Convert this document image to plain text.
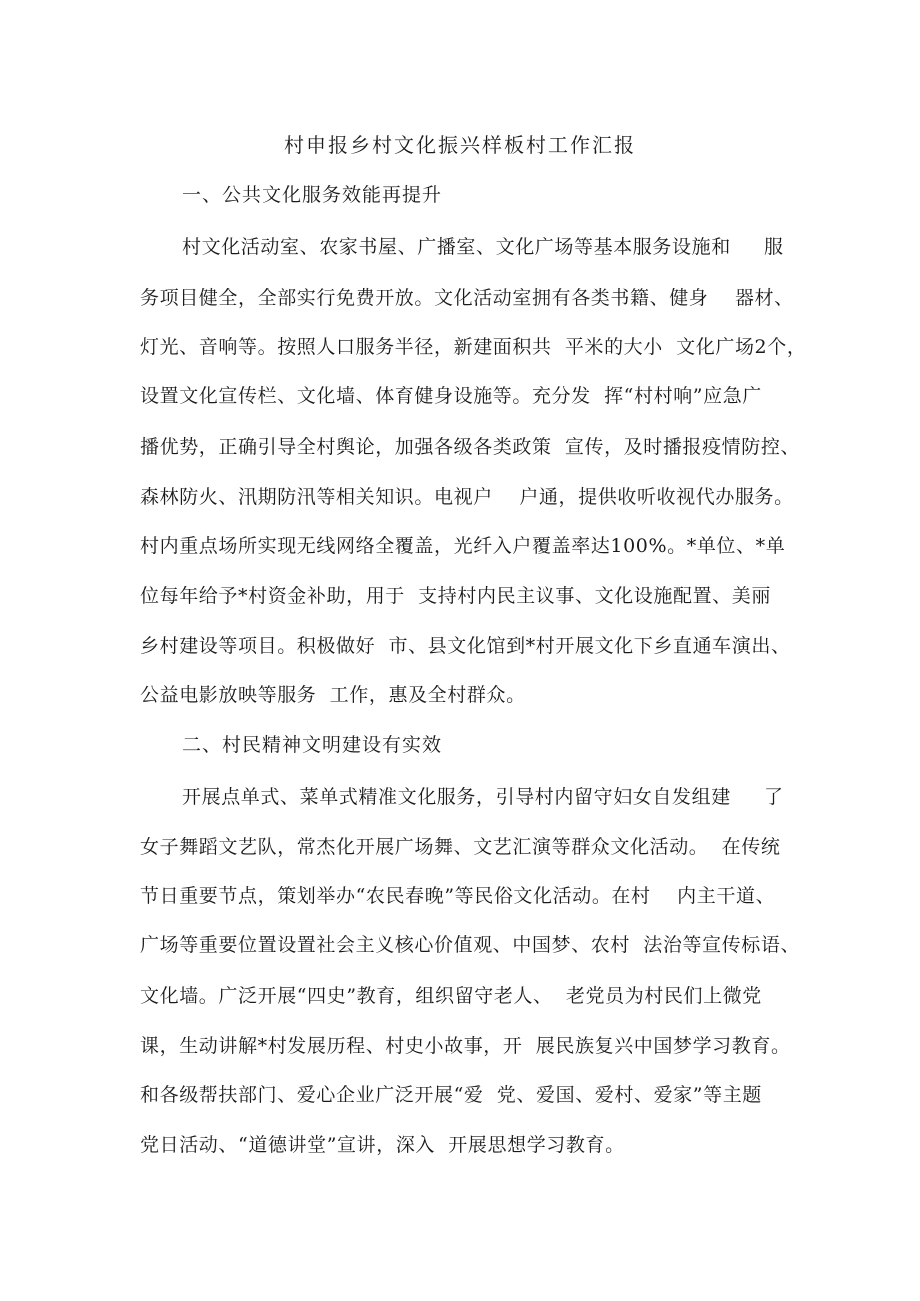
村申报乡村文化振兴样板村工作汇报
一、公共文化服务效能再提升
村文化活动室、农家书屋、广播室、文化广场等基本服务设施和     服
务项目健全，全部实行免费开放。文化活动室拥有各类书籍、健身    器材、
灯光、音响等。按照人口服务半径，新建面积共  平米的大小  文化广场2个，
设置文化宣传栏、文化墙、体育健身设施等。充分发  挥“村村响”应急广
播优势，正确引导全村舆论，加强各级各类政策  宣传，及时播报疫情防控、
森林防火、汛期防汛等相关知识。电视户    户通，提供收听收视代办服务。
村内重点场所实现无线网络全覆盖，光纤入户覆盖率达100%。*单位、*单
位每年给予*村资金补助，用于  支持村内民主议事、文化设施配置、美丽
乡村建设等项目。积极做好  市、县文化馆到*村开展文化下乡直通车演出、
公益电影放映等服务  工作，惠及全村群众。
二、村民精神文明建设有实效
开展点单式、菜单式精准文化服务，引导村内留守妇女自发组建     了
女子舞蹈文艺队，常杰化开展广场舞、文艺汇演等群众文化活动。  在传统
节日重要节点，策划举办“农民春晚”等民俗文化活动。在村    内主干道、
广场等重要位置设置社会主义核心价值观、中国梦、农村  法治等宣传标语、
文化墙。广泛开展“四史”教育，组织留守老人、  老党员为村民们上微党
课，生动讲解*村发展历程、村史小故事，开  展民族复兴中国梦学习教育。
和各级帮扶部门、爱心企业广泛开展“爱  党、爱国、爱村、爱家”等主题
党日活动、“道德讲堂”宣讲，深入  开展思想学习教育。
